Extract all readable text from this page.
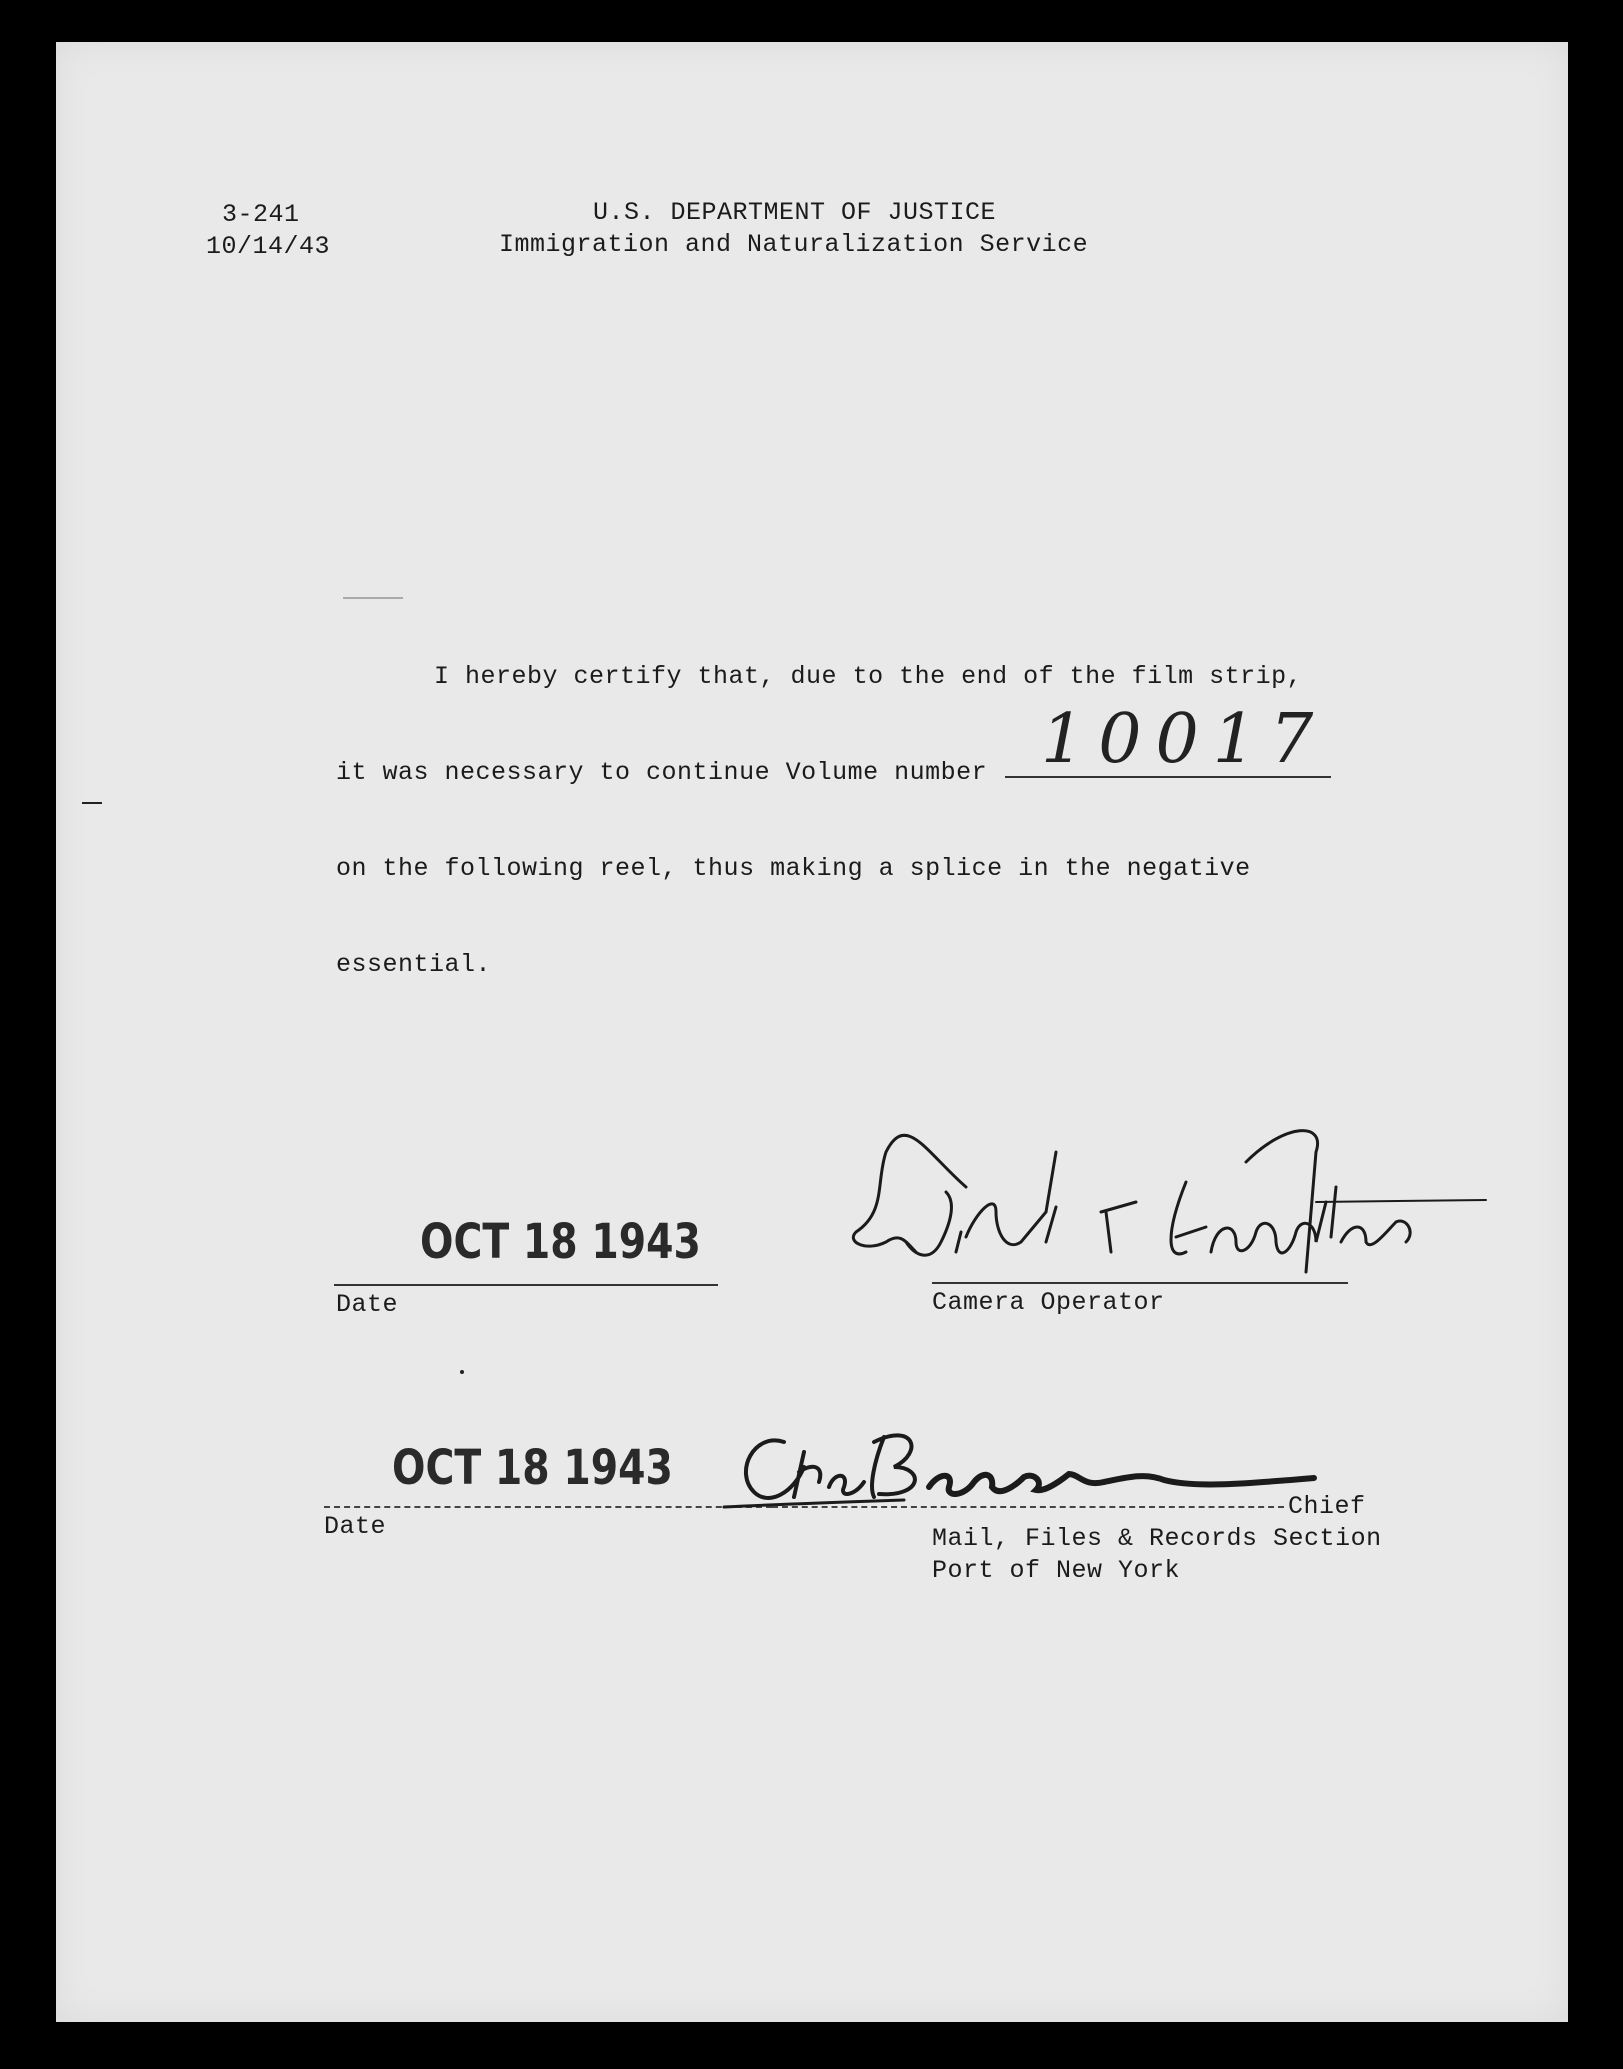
3-241
10/14/43
U.S. DEPARTMENT OF JUSTICE
Immigration and Naturalization Service
I hereby certify that, due to the end of the film strip,
it was necessary to continue Volume number 10017
on the following reel, thus making a splice in the negative
essential.
OCT 18 1943
Date	Camera Operator
OCT 18 1943
Date
Chief
Mail, Files & Records Section
Port of New York
